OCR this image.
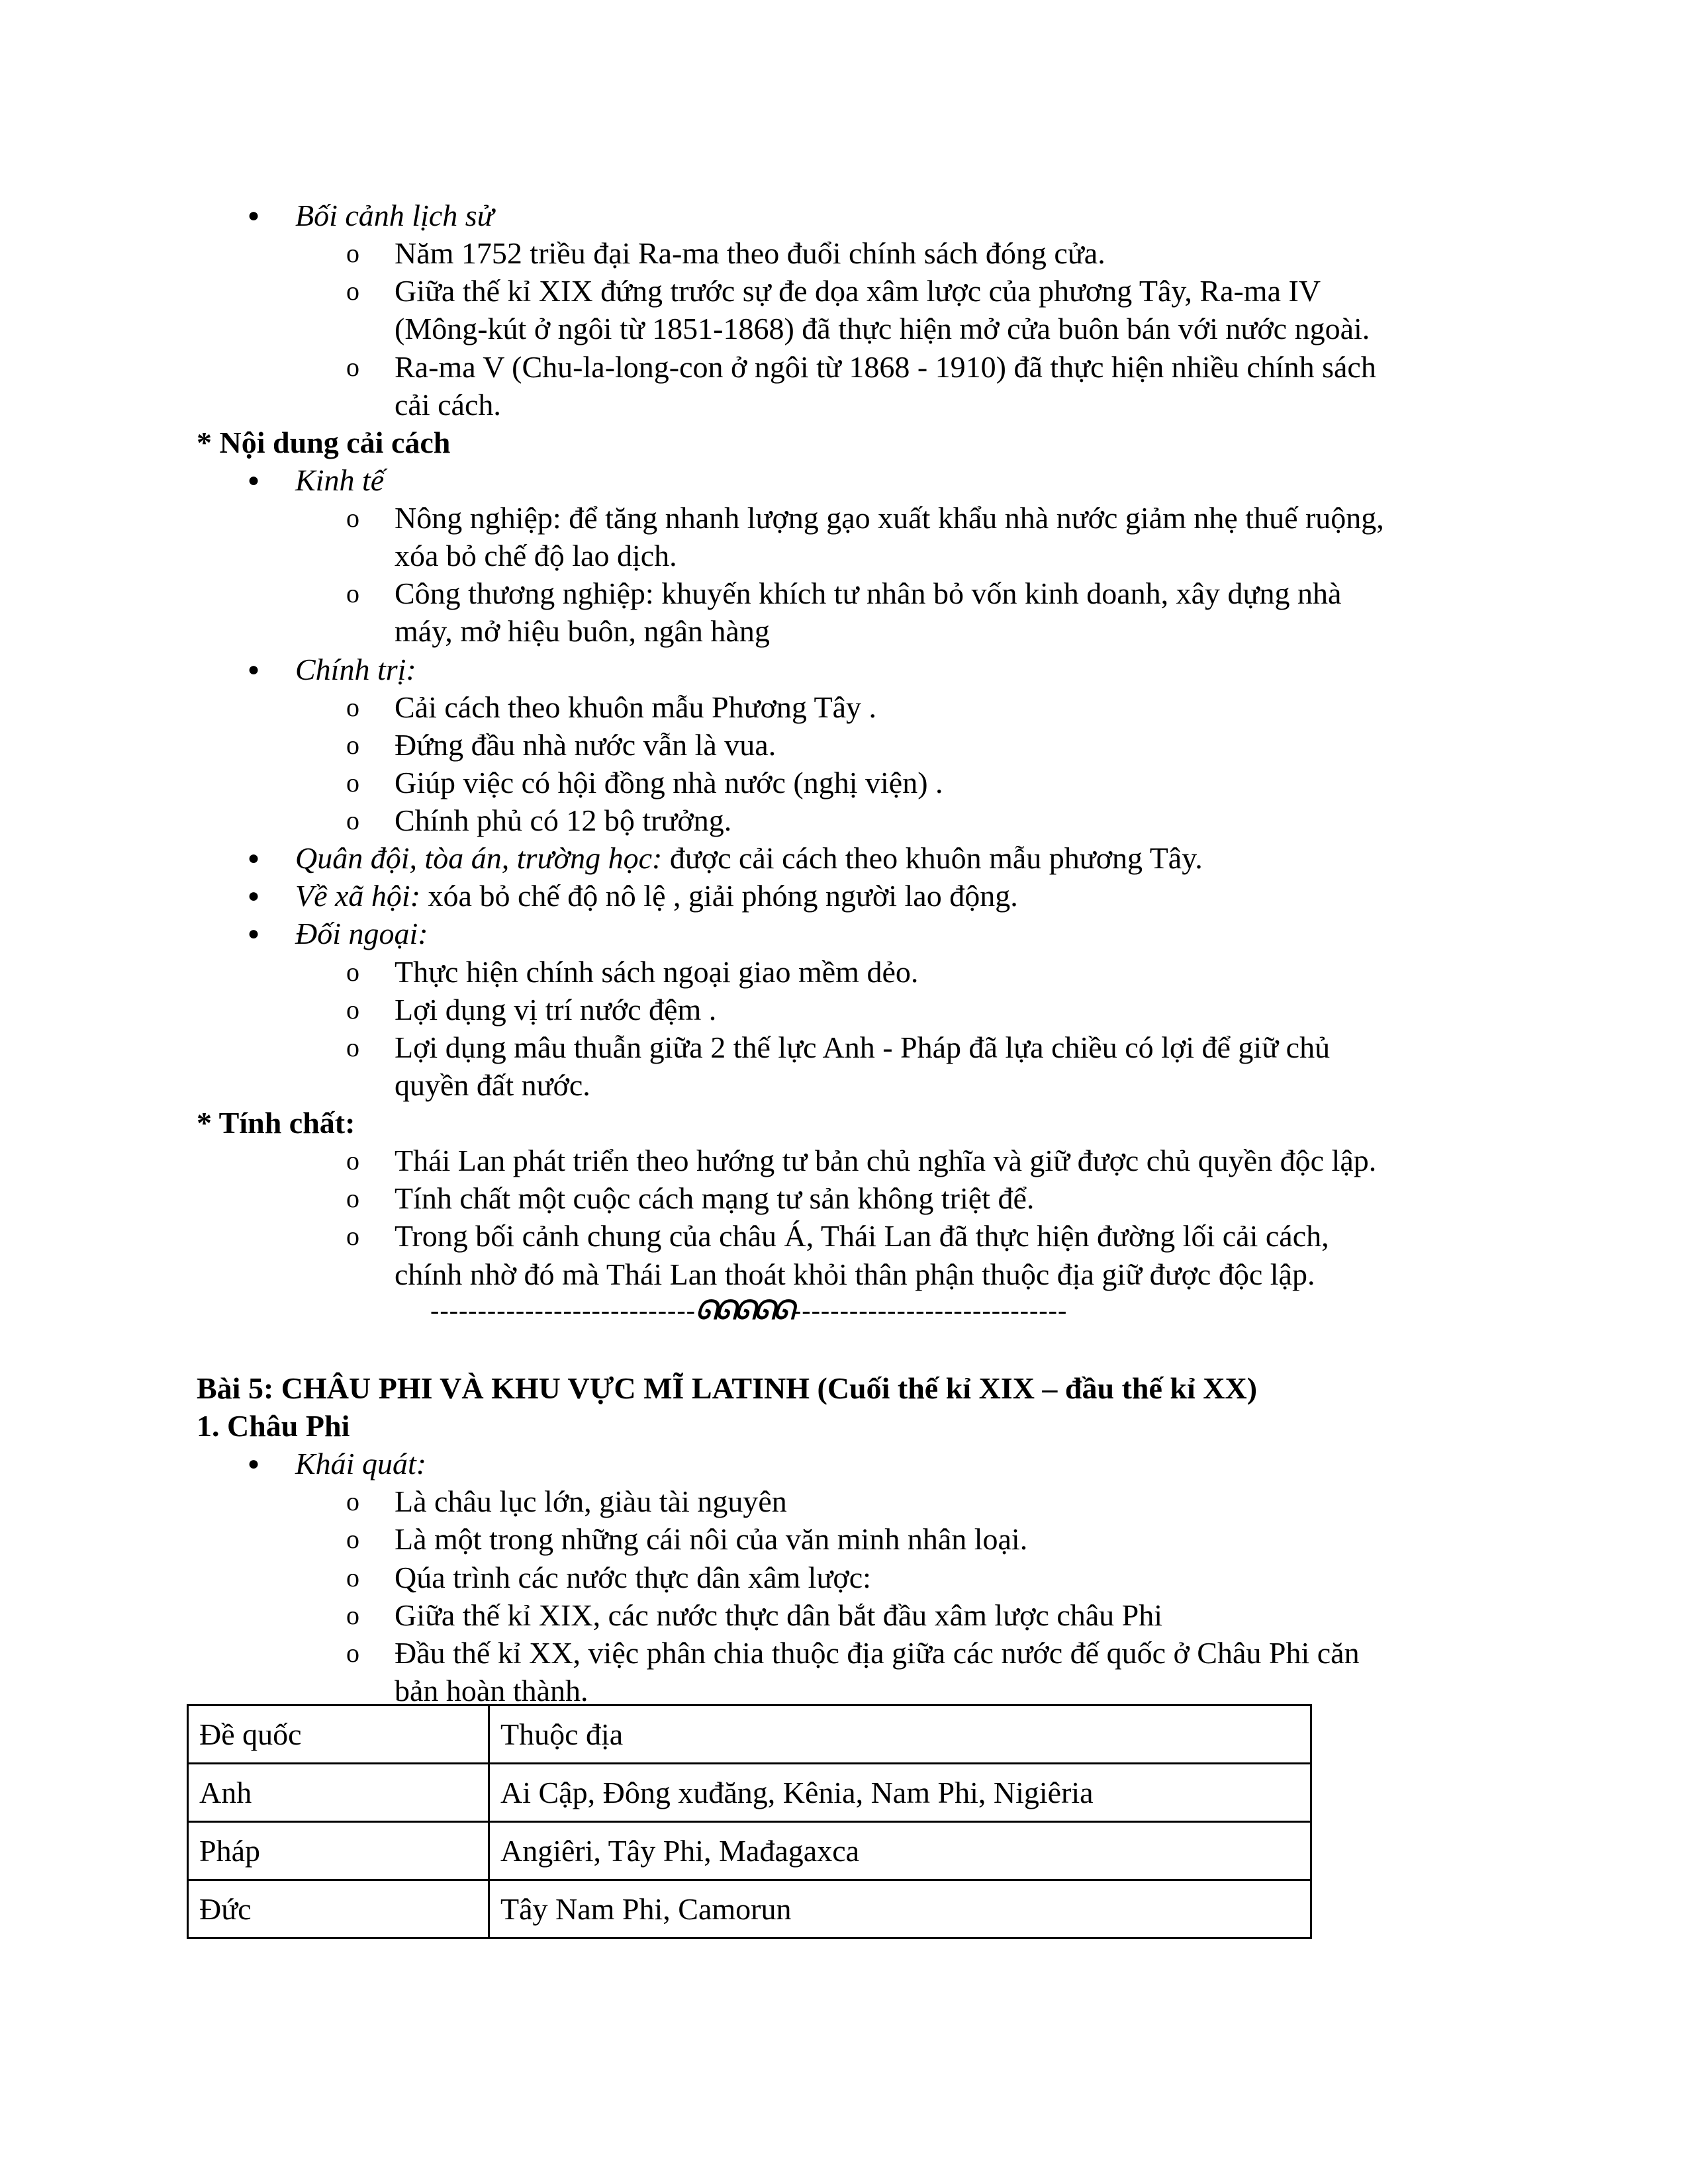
● Bối cảnh lịch sử
o Năm 1752 triều đại Ra-ma theo đuổi chính sách đóng cửa.
o Giữa thế kỉ XIX đứng trước sự đe dọa xâm lược của phương Tây, Ra-ma IV
(Mông-kút ở ngôi từ 1851-1868) đã thực hiện mở cửa buôn bán với nước ngoài.
o Ra-ma V (Chu-la-long-con ở ngôi từ 1868 - 1910) đã thực hiện nhiều chính sách
cải cách.
* Nội dung cải cách
● Kinh tế
o Nông nghiệp: để tăng nhanh lượng gạo xuất khẩu nhà nước giảm nhẹ thuế ruộng,
xóa bỏ chế độ lao dịch.
o Công thương nghiệp: khuyến khích tư nhân bỏ vốn kinh doanh, xây dựng nhà
máy, mở hiệu buôn, ngân hàng
● Chính trị:
o Cải cách theo khuôn mẫu Phương Tây .
o Đứng đầu nhà nước vẫn là vua.
o Giúp việc có hội đồng nhà nước (nghị viện) .
o Chính phủ có 12 bộ trưởng.
● Quân đội, tòa án, trường học: được cải cách theo khuôn mẫu phương Tây.
● Về xã hội: xóa bỏ chế độ nô lệ , giải phóng người lao động.
● Đối ngoại:
o Thực hiện chính sách ngoại giao mềm dẻo.
o Lợi dụng vị trí nước đệm .
o Lợi dụng mâu thuẫn giữa 2 thế lực Anh - Pháp đã lựa chiều có lợi để giữ chủ
quyền đất nước.
* Tính chất:
o Thái Lan phát triển theo hướng tư bản chủ nghĩa và giữ được chủ quyền độc lập.
o Tính chất một cuộc cách mạng tư sản không triệt để.
o Trong bối cảnh chung của châu Á, Thái Lan đã thực hiện đường lối cải cách,
chính nhờ đó mà Thái Lan thoát khỏi thân phận thuộc địa giữ được độc lập.
----------------------------ᘏᘏᘏᘏᘏ-----------------------------
Bài 5: CHÂU PHI VÀ KHU VỰC MĨ LATINH (Cuối thế kỉ XIX – đầu thế kỉ XX)
1. Châu Phi
● Khái quát:
o Là châu lục lớn, giàu tài nguyên
o Là một trong những cái nôi của văn minh nhân loại.
o Qúa trình các nước thực dân xâm lược:
o Giữa thế kỉ XIX, các nước thực dân bắt đầu xâm lược châu Phi
o Đầu thế kỉ XX, việc phân chia thuộc địa giữa các nước đế quốc ở Châu Phi căn
bản hoàn thành.
Đề quốc	Thuộc địa
Anh	Ai Cập, Đông xuđăng, Kênia, Nam Phi, Nigiêria
Pháp	Angiêri, Tây Phi, Mađagaxca
Đức	Tây Nam Phi, Camorun
